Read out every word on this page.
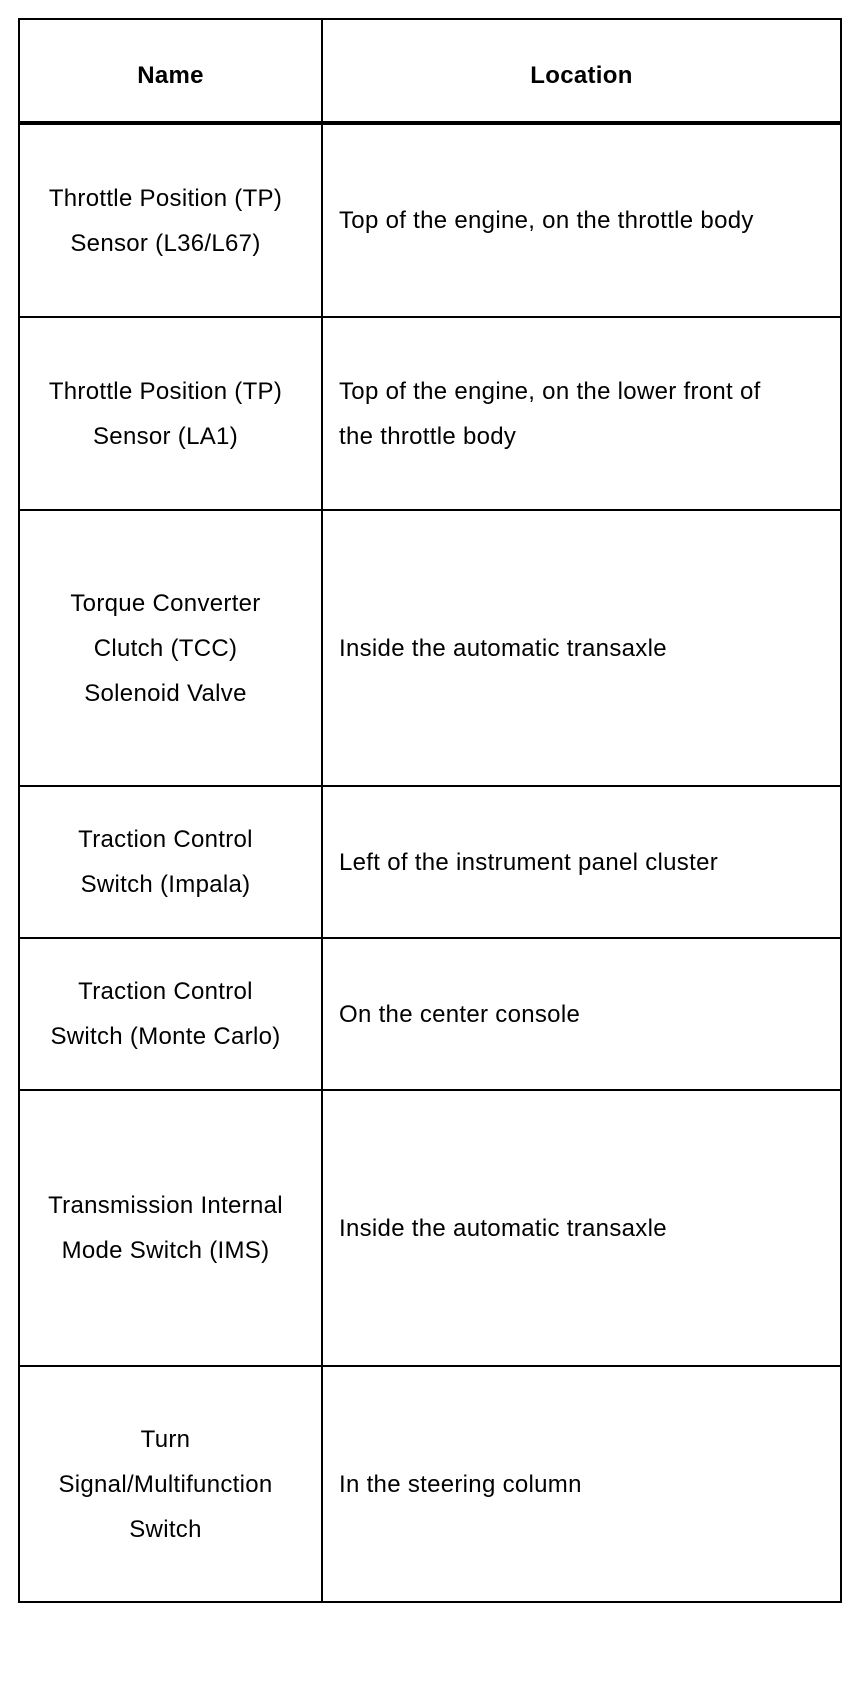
Name	Location
Throttle Position (TP) Sensor (L36/L67)	Top of the engine, on the throttle body
Throttle Position (TP) Sensor (LA1)	Top of the engine, on the lower front of the throttle body
Torque Converter Clutch (TCC) Solenoid Valve	Inside the automatic transaxle
Traction Control Switch (Impala)	Left of the instrument panel cluster
Traction Control Switch (Monte Carlo)	On the center console
Transmission Internal Mode Switch (IMS)	Inside the automatic transaxle
Turn Signal/Multifunction Switch	In the steering column
